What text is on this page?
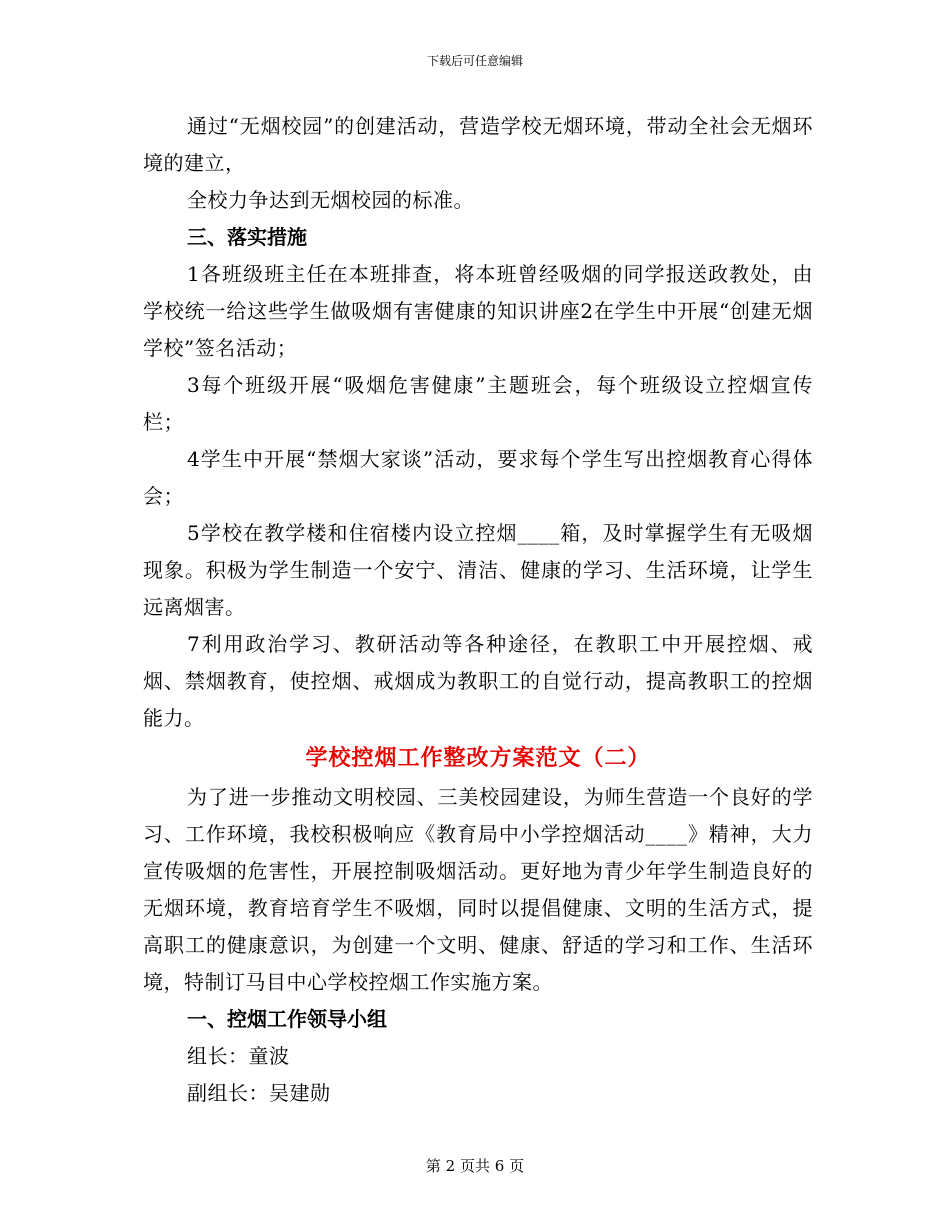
下载后可任意编辑

通过“无烟校园”的创建活动，营造学校无烟环境，带动全社会无烟环境的建立，

全校力争达到无烟校园的标准。

三、落实措施

1各班级班主任在本班排查，将本班曾经吸烟的同学报送政教处，由学校统一给这些学生做吸烟有害健康的知识讲座2在学生中开展“创建无烟学校”签名活动；

3每个班级开展“吸烟危害健康”主题班会，每个班级设立控烟宣传栏；

4学生中开展“禁烟大家谈”活动，要求每个学生写出控烟教育心得体会；

5学校在教学楼和住宿楼内设立控烟____箱，及时掌握学生有无吸烟现象。积极为学生制造一个安宁、清洁、健康的学习、生活环境，让学生远离烟害。

7利用政治学习、教研活动等各种途径，在教职工中开展控烟、戒烟、禁烟教育，使控烟、戒烟成为教职工的自觉行动，提高教职工的控烟能力。

学校控烟工作整改方案范文（二）

为了进一步推动文明校园、三美校园建设，为师生营造一个良好的学习、工作环境，我校积极响应《教育局中小学控烟活动____》精神，大力宣传吸烟的危害性，开展控制吸烟活动。更好地为青少年学生制造良好的无烟环境，教育培育学生不吸烟，同时以提倡健康、文明的生活方式，提高职工的健康意识，为创建一个文明、健康、舒适的学习和工作、生活环境，特制订马目中心学校控烟工作实施方案。

一、控烟工作领导小组

组长：童波

副组长：吴建勋

第 2 页共 6 页
